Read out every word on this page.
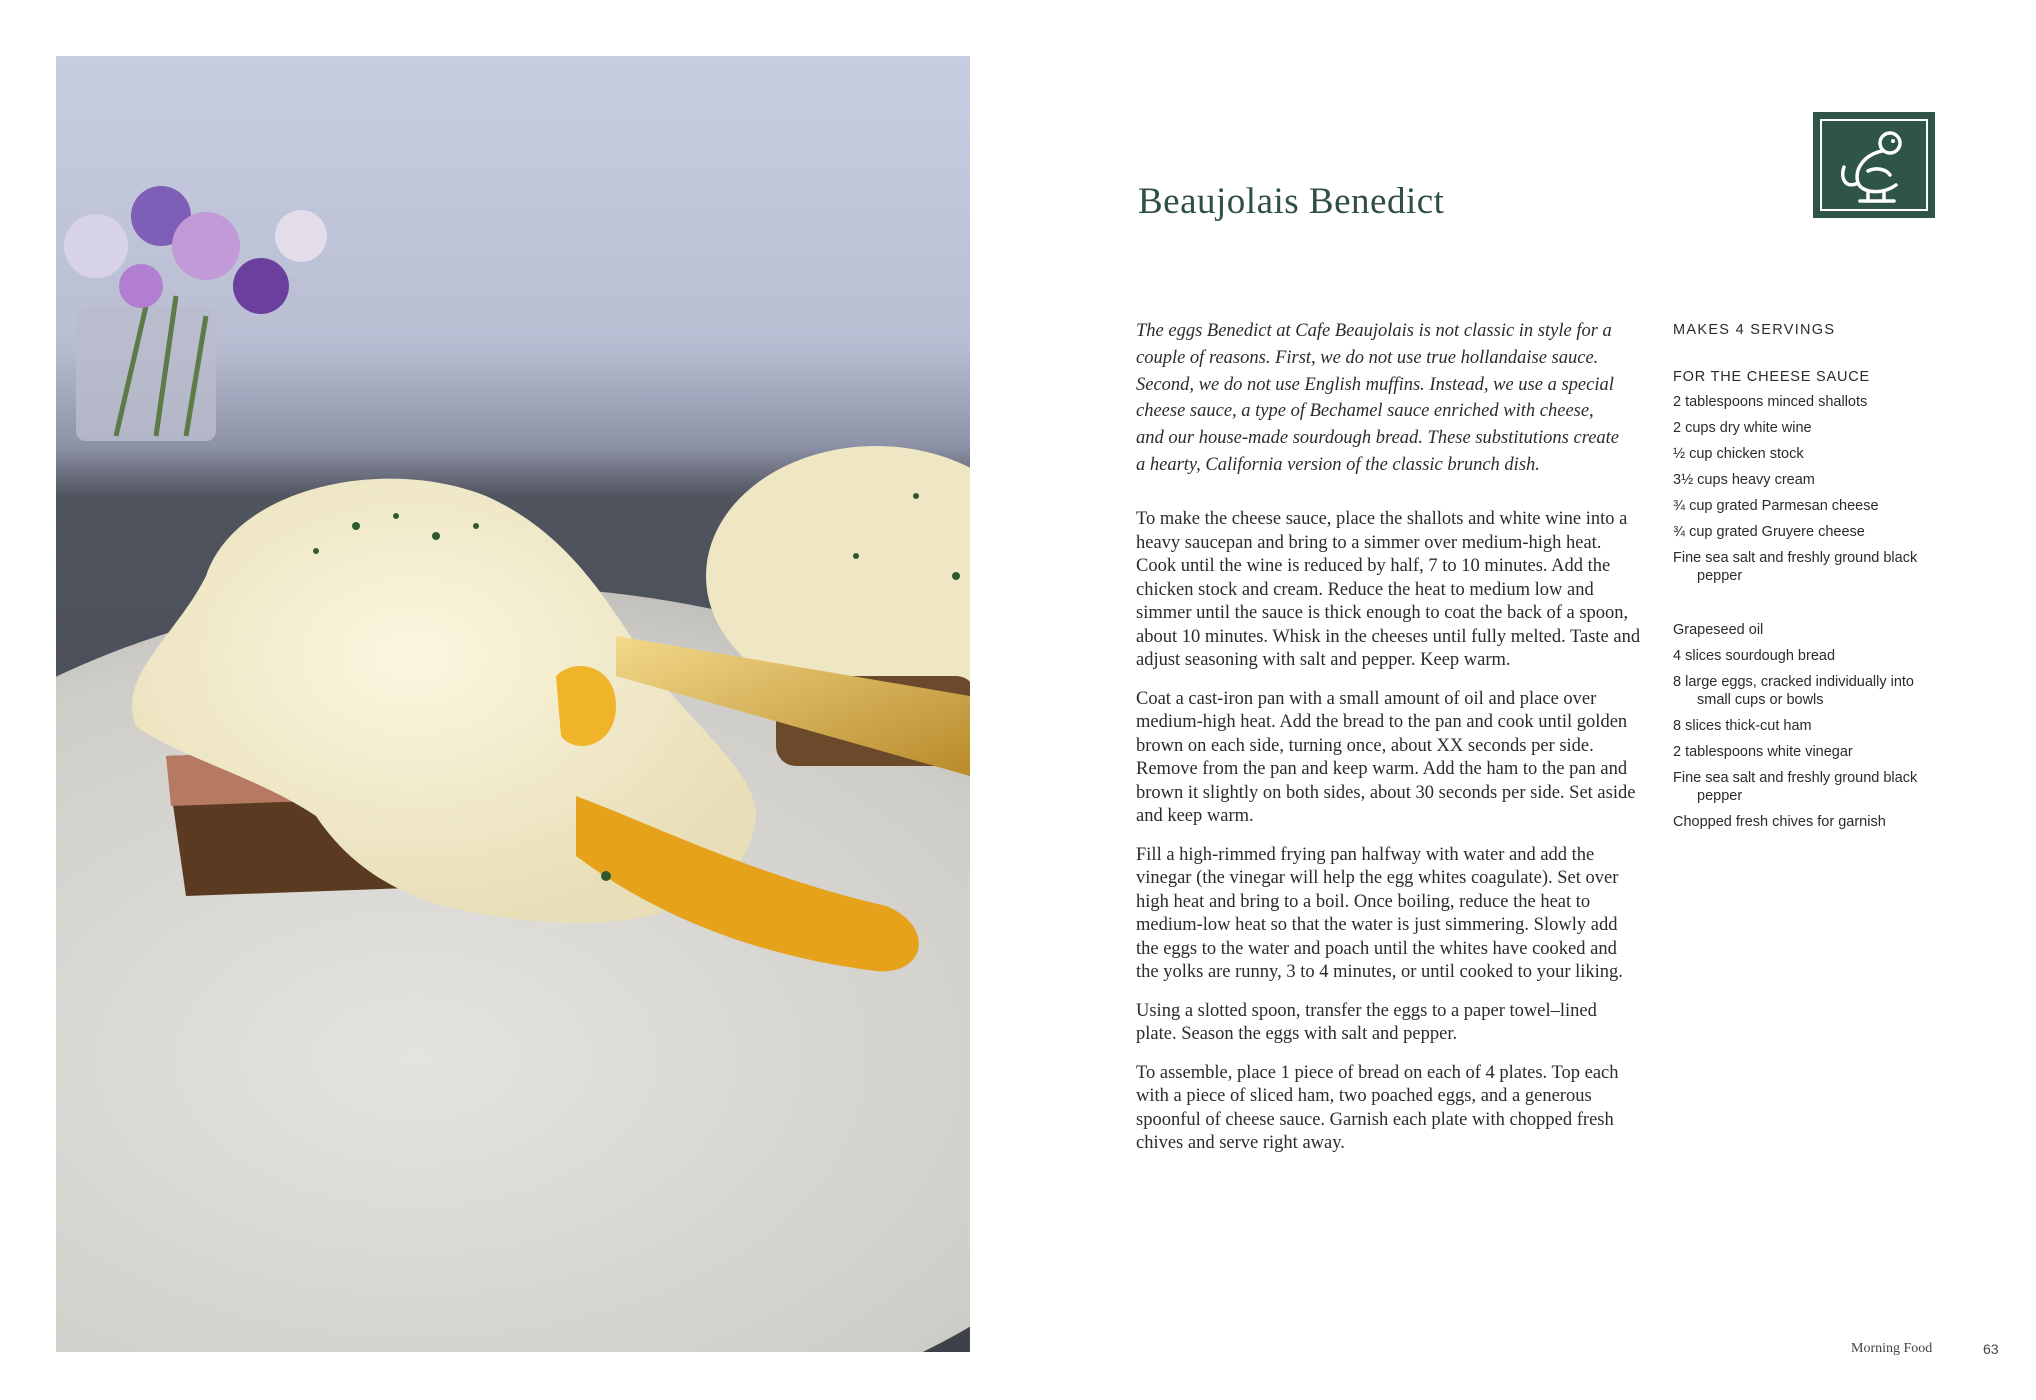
Beaujolais Benedict

The eggs Benedict at Cafe Beaujolais is not classic in style for a couple of reasons. First, we do not use true hollandaise sauce. Second, we do not use English muffins. Instead, we use a special cheese sauce, a type of Bechamel sauce enriched with cheese, and our house-made sourdough bread. These substitutions create a hearty, California version of the classic brunch dish.

To make the cheese sauce, place the shallots and white wine into a heavy saucepan and bring to a simmer over medium-high heat. Cook until the wine is reduced by half, 7 to 10 minutes. Add the chicken stock and cream. Reduce the heat to medium low and simmer until the sauce is thick enough to coat the back of a spoon, about 10 minutes. Whisk in the cheeses until fully melted. Taste and adjust seasoning with salt and pepper. Keep warm.

Coat a cast-iron pan with a small amount of oil and place over medium-high heat. Add the bread to the pan and cook until golden brown on each side, turning once, about XX seconds per side. Remove from the pan and keep warm. Add the ham to the pan and brown it slightly on both sides, about 30 seconds per side. Set aside and keep warm.

Fill a high-rimmed frying pan halfway with water and add the vinegar (the vinegar will help the egg whites coagulate). Set over high heat and bring to a boil. Once boiling, reduce the heat to medium-low heat so that the water is just simmering. Slowly add the eggs to the water and poach until the whites have cooked and the yolks are runny, 3 to 4 minutes, or until cooked to your liking.

Using a slotted spoon, transfer the eggs to a paper towel–lined plate. Season the eggs with salt and pepper.

To assemble, place 1 piece of bread on each of 4 plates. Top each with a piece of sliced ham, two poached eggs, and a generous spoonful of cheese sauce. Garnish each plate with chopped fresh chives and serve right away.

MAKES 4 SERVINGS
FOR THE CHEESE SAUCE
2 tablespoons minced shallots
2 cups dry white wine
½ cup chicken stock
3½ cups heavy cream
¾ cup grated Parmesan cheese
¾ cup grated Gruyere cheese
Fine sea salt and freshly ground black pepper
Grapeseed oil
4 slices sourdough bread
8 large eggs, cracked individually into small cups or bowls
8 slices thick-cut ham
2 tablespoons white vinegar
Fine sea salt and freshly ground black pepper
Chopped fresh chives for garnish
Morning Food	63
